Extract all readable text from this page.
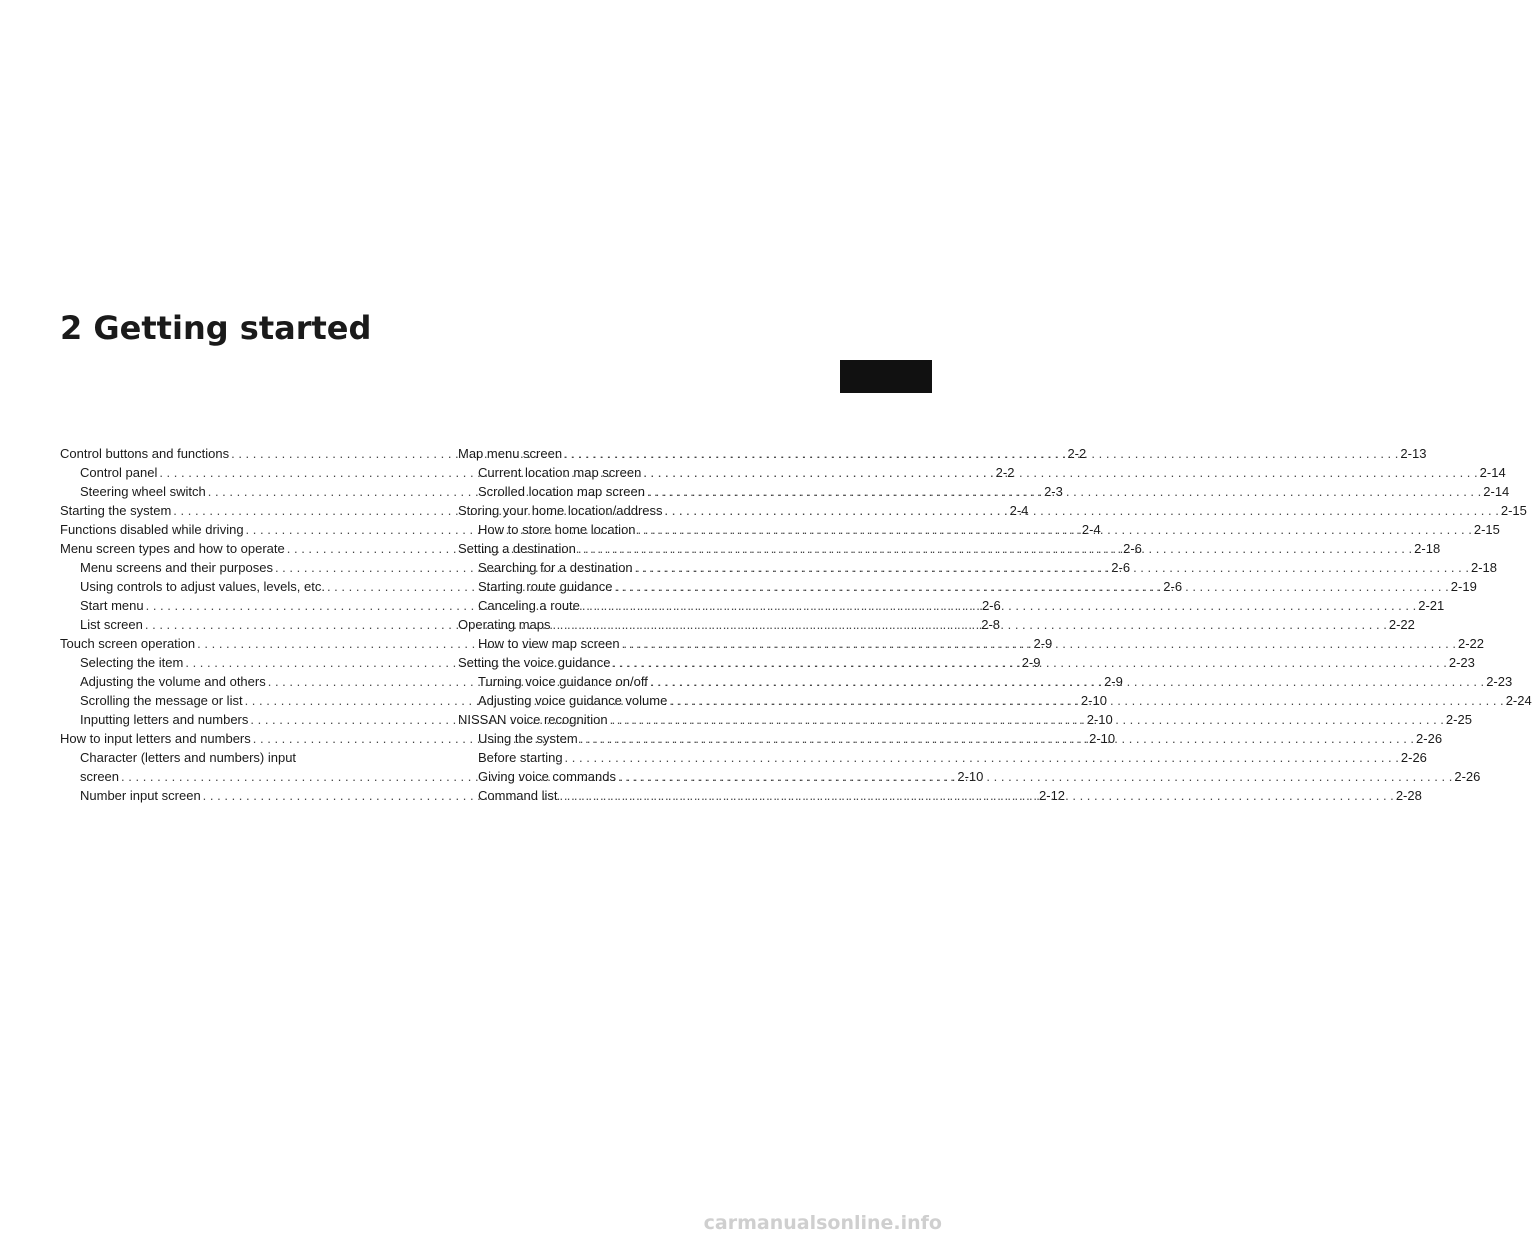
2 Getting started
Control buttons and functions . . .	2-2
Control panel . . .	2-2
Steering wheel switch . . .	2-3
Starting the system . . .	2-4
Functions disabled while driving . . .	2-4
Menu screen types and how to operate . . .	2-6
Menu screens and their purposes . . .	2-6
Using controls to adjust values, levels, etc. . . .	2-6
Start menu . . .	2-6
List screen . . .	2-8
Touch screen operation . . .	2-9
Selecting the item . . .	2-9
Adjusting the volume and others . . .	2-9
Scrolling the message or list . . .	2-10
Inputting letters and numbers . . .	2-10
How to input letters and numbers . . .	2-10
Character (letters and numbers) input
screen . . .	2-10
Number input screen . . .	2-12
Map menu screen . . .	2-13
Current location map screen . . .	2-14
Scrolled location map screen . . .	2-14
Storing your home location/address . . .	2-15
How to store home location . . .	2-15
Setting a destination . . .	2-18
Searching for a destination . . .	2-18
Starting route guidance . . .	2-19
Canceling a route . . .	2-21
Operating maps . . .	2-22
How to view map screen . . .	2-22
Setting the voice guidance . . .	2-23
Turning voice guidance on/off . . .	2-23
Adjusting voice guidance volume . . .	2-24
NISSAN voice recognition . . .	2-25
Using the system . . .	2-26
Before starting . . .	2-26
Giving voice commands . . .	2-26
Command list . . .	2-28
carmanualsonline.info
